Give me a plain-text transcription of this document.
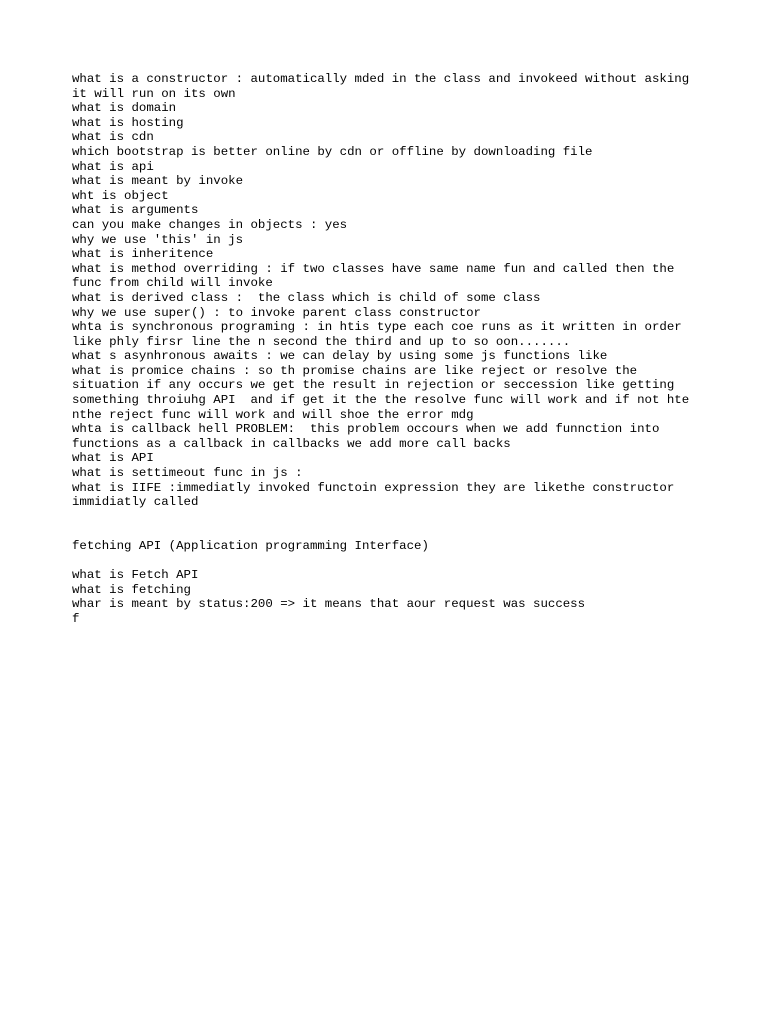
what is a constructor : automatically mded in the class and invokeed without asking
it will run on its own
what is domain
what is hosting
what is cdn
which bootstrap is better online by cdn or offline by downloading file
what is api
what is meant by invoke
wht is object
what is arguments
can you make changes in objects : yes
why we use 'this' in js
what is inheritence
what is method overriding : if two classes have same name fun and called then the
func from child will invoke
what is derived class :  the class which is child of some class
why we use super() : to invoke parent class constructor
whta is synchronous programing : in htis type each coe runs as it written in order
like phly firsr line the n second the third and up to so oon.......
what s asynhronous awaits : we can delay by using some js functions like
what is promice chains : so th promise chains are like reject or resolve the
situation if any occurs we get the result in rejection or seccession like getting
something throiuhg API  and if get it the the resolve func will work and if not hte
nthe reject func will work and will shoe the error mdg
whta is callback hell PROBLEM:  this problem occours when we add funnction into
functions as a callback in callbacks we add more call backs
what is API
what is settimeout func in js :
what is IIFE :immediatly invoked functoin expression they are likethe constructor
immidiatly called
fetching API (Application programming Interface)
what is Fetch API
what is fetching
whar is meant by status:200 => it means that aour request was success
f
